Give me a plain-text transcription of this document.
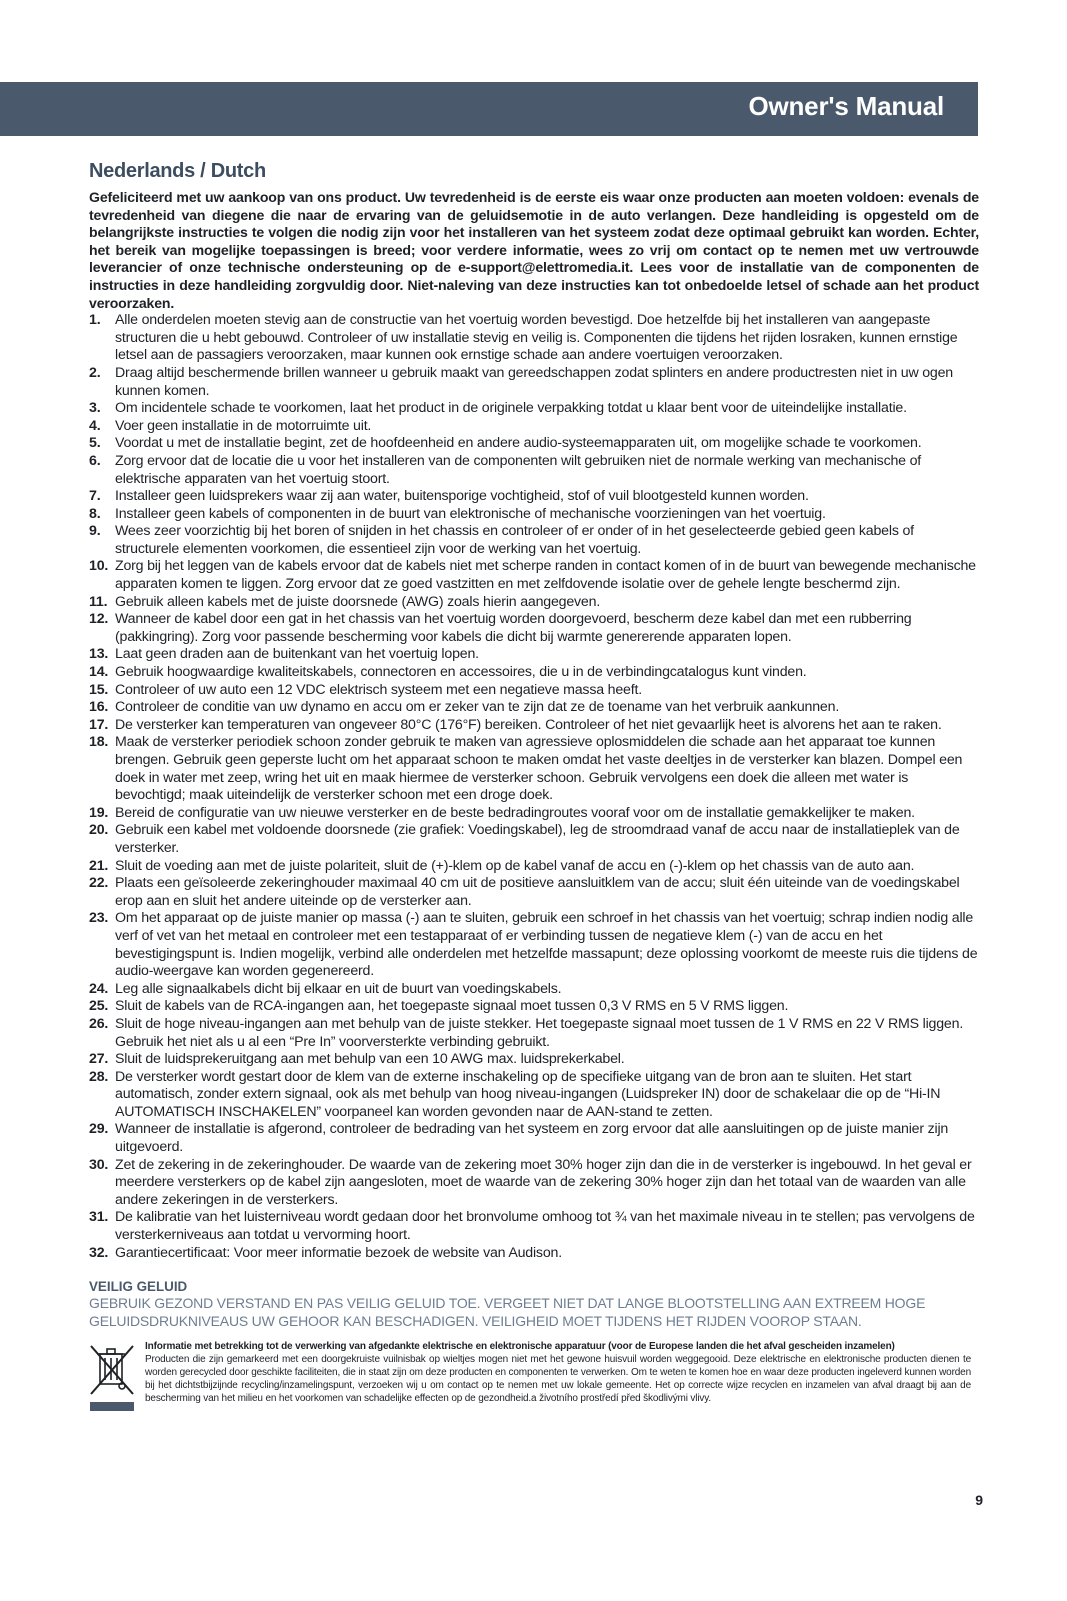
Owner's Manual
Nederlands / Dutch

Gefeliciteerd met uw aankoop van ons product. Uw tevredenheid is de eerste eis waar onze producten aan moeten voldoen: evenals de tevredenheid van diegene die naar de ervaring van de geluidsemotie in de auto verlangen. Deze handleiding is opgesteld om de belangrijkste instructies te volgen die nodig zijn voor het installeren van het systeem zodat deze optimaal gebruikt kan worden. Echter, het bereik van mogelijke toepassingen is breed; voor verdere informatie, wees zo vrij om contact op te nemen met uw vertrouwde leverancier of onze technische ondersteuning op de e-support@elettromedia.it. Lees voor de installatie van de componenten de instructies in deze handleiding zorgvuldig door. Niet-naleving van deze instructies kan tot onbedoelde letsel of schade aan het product veroorzaken.

1. Alle onderdelen moeten stevig aan de constructie van het voertuig worden bevestigd. Doe hetzelfde bij het installeren van aangepaste structuren die u hebt gebouwd. Controleer of uw installatie stevig en veilig is. Componenten die tijdens het rijden losraken, kunnen ernstige letsel aan de passagiers veroorzaken, maar kunnen ook ernstige schade aan andere voertuigen veroorzaken.
2. Draag altijd beschermende brillen wanneer u gebruik maakt van gereedschappen zodat splinters en andere productresten niet in uw ogen kunnen komen.
3. Om incidentele schade te voorkomen, laat het product in de originele verpakking totdat u klaar bent voor de uiteindelijke installatie.
4. Voer geen installatie in de motorruimte uit.
5. Voordat u met de installatie begint, zet de hoofdeenheid en andere audio-systeemapparaten uit, om mogelijke schade te voorkomen.
6. Zorg ervoor dat de locatie die u voor het installeren van de componenten wilt gebruiken niet de normale werking van mechanische of elektrische apparaten van het voertuig stoort.
7. Installeer geen luidsprekers waar zij aan water, buitensporige vochtigheid, stof of vuil blootgesteld kunnen worden.
8. Installeer geen kabels of componenten in de buurt van elektronische of mechanische voorzieningen van het voertuig.
9. Wees zeer voorzichtig bij het boren of snijden in het chassis en controleer of er onder of in het geselecteerde gebied geen kabels of structurele elementen voorkomen, die essentieel zijn voor de werking van het voertuig.
10. Zorg bij het leggen van de kabels ervoor dat de kabels niet met scherpe randen in contact komen of in de buurt van bewegende mechanische apparaten komen te liggen. Zorg ervoor dat ze goed vastzitten en met zelfdovende isolatie over de gehele lengte beschermd zijn.
11. Gebruik alleen kabels met de juiste doorsnede (AWG) zoals hierin aangegeven.
12. Wanneer de kabel door een gat in het chassis van het voertuig worden doorgevoerd, bescherm deze kabel dan met een rubberring (pakkingring). Zorg voor passende bescherming voor kabels die dicht bij warmte genererende apparaten lopen.
13. Laat geen draden aan de buitenkant van het voertuig lopen.
14. Gebruik hoogwaardige kwaliteitskabels, connectoren en accessoires, die u in de verbindingcatalogus kunt vinden.
15. Controleer of uw auto een 12 VDC elektrisch systeem met een negatieve massa heeft.
16. Controleer de conditie van uw dynamo en accu om er zeker van te zijn dat ze de toename van het verbruik aankunnen.
17. De versterker kan temperaturen van ongeveer 80°C (176°F) bereiken. Controleer of het niet gevaarlijk heet is alvorens het aan te raken.
18. Maak de versterker periodiek schoon zonder gebruik te maken van agressieve oplosmiddelen die schade aan het apparaat toe kunnen brengen. Gebruik geen geperste lucht om het apparaat schoon te maken omdat het vaste deeltjes in de versterker kan blazen. Dompel een doek in water met zeep, wring het uit en maak hiermee de versterker schoon. Gebruik vervolgens een doek die alleen met water is bevochtigd; maak uiteindelijk de versterker schoon met een droge doek.
19. Bereid de configuratie van uw nieuwe versterker en de beste bedradingroutes vooraf voor om de installatie gemakkelijker te maken.
20. Gebruik een kabel met voldoende doorsnede (zie grafiek: Voedingskabel), leg de stroomdraad vanaf de accu naar de installatieplek van de versterker.
21. Sluit de voeding aan met de juiste polariteit, sluit de (+)-klem op de kabel vanaf de accu en (-)-klem op het chassis van de auto aan.
22. Plaats een geïsoleerde zekeringhouder maximaal 40 cm uit de positieve aansluitklem van de accu; sluit één uiteinde van de voedingskabel erop aan en sluit het andere uiteinde op de versterker aan.
23. Om het apparaat op de juiste manier op massa (-) aan te sluiten, gebruik een schroef in het chassis van het voertuig; schrap indien nodig alle verf of vet van het metaal en controleer met een testapparaat of er verbinding tussen de negatieve klem (-) van de accu en het bevestigingspunt is. Indien mogelijk, verbind alle onderdelen met hetzelfde massapunt; deze oplossing voorkomt de meeste ruis die tijdens de audio-weergave kan worden gegenereerd.
24. Leg alle signaalkabels dicht bij elkaar en uit de buurt van voedingskabels.
25. Sluit de kabels van de RCA-ingangen aan, het toegepaste signaal moet tussen 0,3 V RMS en 5 V RMS liggen.
26. Sluit de hoge niveau-ingangen aan met behulp van de juiste stekker. Het toegepaste signaal moet tussen de 1 V RMS en 22 V RMS liggen. Gebruik het niet als u al een “Pre In” voorversterkte verbinding gebruikt.
27. Sluit de luidsprekeruitgang aan met behulp van een 10 AWG max. luidsprekerkabel.
28. De versterker wordt gestart door de klem van de externe inschakeling op de specifieke uitgang van de bron aan te sluiten. Het start automatisch, zonder extern signaal, ook als met behulp van hoog niveau-ingangen (Luidspreker IN) door de schakelaar die op de “Hi-IN AUTOMATISCH INSCHAKELEN” voorpaneel kan worden gevonden naar de AAN-stand te zetten.
29. Wanneer de installatie is afgerond, controleer de bedrading van het systeem en zorg ervoor dat alle aansluitingen op de juiste manier zijn uitgevoerd.
30. Zet de zekering in de zekeringhouder. De waarde van de zekering moet 30% hoger zijn dan die in de versterker is ingebouwd. In het geval er meerdere versterkers op de kabel zijn aangesloten, moet de waarde van de zekering 30% hoger zijn dan het totaal van de waarden van alle andere zekeringen in de versterkers.
31. De kalibratie van het luisterniveau wordt gedaan door het bronvolume omhoog tot ¾ van het maximale niveau in te stellen; pas vervolgens de versterkerniveaus aan totdat u vervorming hoort.
32. Garantiecertificaat: Voor meer informatie bezoek de website van Audison.
VEILIG GELUID
GEBRUIK GEZOND VERSTAND EN PAS VEILIG GELUID TOE. VERGEET NIET DAT LANGE BLOOTSTELLING AAN EXTREEM HOGE GELUIDSDRUKNIVEAUS UW GEHOOR KAN BESCHADIGEN. VEILIGHEID MOET TIJDENS HET RIJDEN VOOROP STAAN.
Informatie met betrekking tot de verwerking van afgedankte elektrische en elektronische apparatuur (voor de Europese landen die het afval gescheiden inzamelen)
Producten die zijn gemarkeerd met een doorgekruiste vuilnisbak op wieltjes mogen niet met het gewone huisvuil worden weggegooid. Deze elektrische en elektronische producten dienen te worden gerecycled door geschikte faciliteiten, die in staat zijn om deze producten en componenten te verwerken. Om te weten te komen hoe en waar deze producten ingeleverd kunnen worden bij het dichtstbijzijnde recycling/inzamelingspunt, verzoeken wij u om contact op te nemen met uw lokale gemeente. Het op correcte wijze recyclen en inzamelen van afval draagt bij aan de bescherming van het milieu en het voorkomen van schadelijke effecten op de gezondheid.a životního prostředí před škodlivými vlivy.
9
